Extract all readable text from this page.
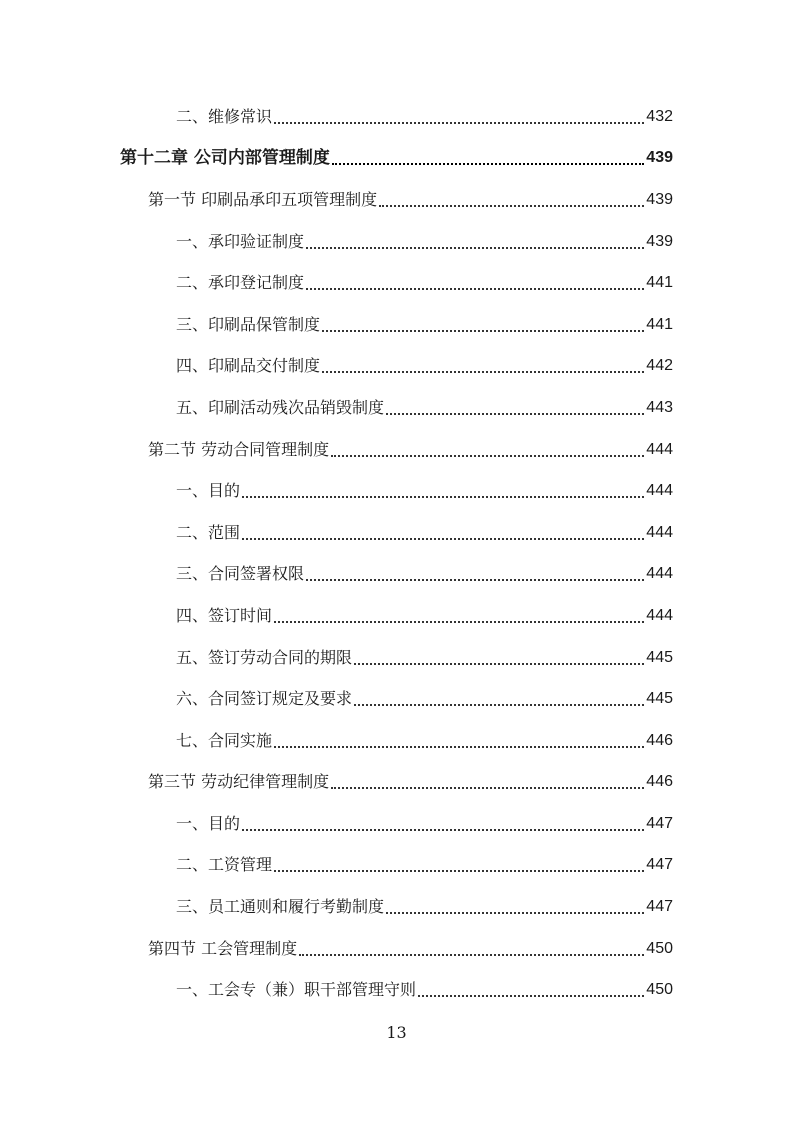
二、维修常识	432
第十二章 公司内部管理制度	439
第一节 印刷品承印五项管理制度	439
一、承印验证制度	439
二、承印登记制度	441
三、印刷品保管制度	441
四、印刷品交付制度	442
五、印刷活动残次品销毁制度	443
第二节 劳动合同管理制度	444
一、目的	444
二、范围	444
三、合同签署权限	444
四、签订时间	444
五、签订劳动合同的期限	445
六、合同签订规定及要求	445
七、合同实施	446
第三节 劳动纪律管理制度	446
一、目的	447
二、工资管理	447
三、员工通则和履行考勤制度	447
第四节 工会管理制度	450
一、工会专（兼）职干部管理守则	450
13
